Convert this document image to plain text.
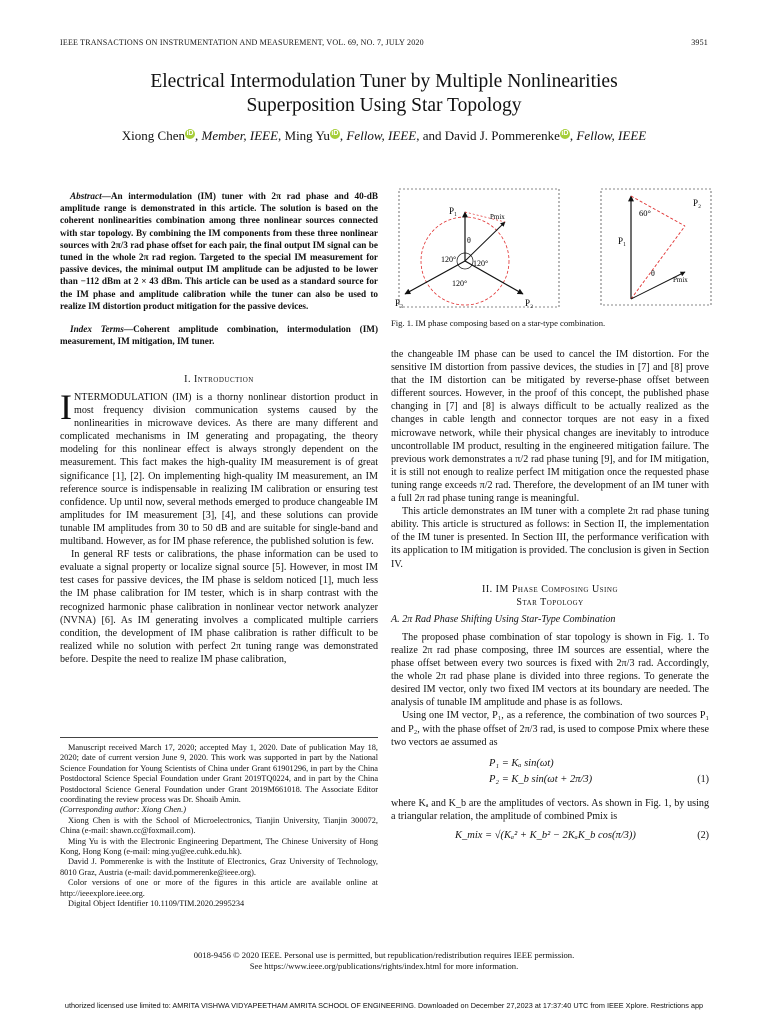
IEEE TRANSACTIONS ON INSTRUMENTATION AND MEASUREMENT, VOL. 69, NO. 7, JULY 2020	3951
Electrical Intermodulation Tuner by Multiple Nonlinearities
Superposition Using Star Topology
Xiong Chen iD , Member, IEEE, Ming Yu iD , Fellow, IEEE, and David J. Pommerenke iD , Fellow, IEEE
Abstract—An intermodulation (IM) tuner with 2π rad phase and 40-dB amplitude range is demonstrated in this article. The solution is based on the coherent nonlinearities combination among three nonlinear sources connected with star topology. By combining the IM components from these three nonlinear sources with 2π/3 rad phase offset for each pair, the final output IM signal can be tuned in the whole 2π rad region. Targeted to the special IM measurement for passive devices, the minimal output IM amplitude can be adjusted to be lower than −112 dBm at 2 × 43 dBm. This article can be used as a standard source for the IM phase and amplitude calibration while the tuner can also be used to realize IM distortion product mitigation for the passive devices.
Index Terms—Coherent amplitude combination, intermodulation (IM) measurement, IM mitigation, IM tuner.
I. Introduction

INTERMODULATION (IM) is a thorny nonlinear distortion product in most frequency division communication systems caused by the nonlinearities in microwave devices. As there are many different and complicated mechanisms in IM generating and propagating, the theory modeling for this nonlinear effect is always strongly dependent on the measurement. This fact makes the high-quality IM measurement is of great significance [1], [2]. On implementing high-quality IM measurement, an IM reference source is indispensable in realizing IM calibration or ensuring test confidence. Up until now, several methods emerged to produce changeable IM amplitudes for IM measurement [3], [4], and these solutions can provide tunable IM amplitudes from 30 to 50 dB and are suitable for single-band and multiband. However, as for IM phase reference, the published solution is few.

In general RF tests or calibrations, the phase information can be used to evaluate a signal property or localize signal source [5]. However, in most IM test cases for passive devices, the IM phase is seldom noticed [1], much less the IM phase calibration for IM tester, which is in sharp contrast with the recognized harmonic phase calibration in nonlinear vector network analyzer (NVNA) [6]. As IM generating involves a complicated multiple carriers condition, the development of IM phase calibration is rather difficult to be realized while no solution with perfect 2π tuning range was demonstrated before. Despite the need to realize IM phase calibration,

Manuscript received March 17, 2020; accepted May 1, 2020. Date of publication May 18, 2020; date of current version June 9, 2020. This work was supported in part by the National Science Foundation for Young Scientists of China under Grant 61901296, in part by the China Postdoctoral Science Special Foundation under Grant 2019TQ0224, and in part by the China Postdoctoral Science General Foundation under Grant 2019M661018. The Associate Editor coordinating the review process was Dr. Shoaib Amin.

(Corresponding author: Xiong Chen.)

Xiong Chen is with the School of Microelectronics, Tianjin University, Tianjin 300072, China (e-mail: shawn.cc@foxmail.com).

Ming Yu is with the Electronic Engineering Department, The Chinese University of Hong Kong, Hong Kong (e-mail: ming.yu@ee.cuhk.edu.hk).

David J. Pommerenke is with the Institute of Electronics, Graz University of Technology, 8010 Graz, Austria (e-mail: david.pommerenke@ieee.org).

Color versions of one or more of the figures in this article are available online at http://ieeexplore.ieee.org.

Digital Object Identifier 10.1109/TIM.2020.2995234

P₁
Pmix
θ
120° 120°
120°
P₃	P₂
60°
P₂
P₁
θ
Pmix
Fig. 1. IM phase composing based on a star-type combination.

the changeable IM phase can be used to cancel the IM distortion. For the sensitive IM distortion from passive devices, the studies in [7] and [8] prove that the IM distortion can be mitigated by reverse-phase offset between different sources. However, in the proof of this concept, the published phase changing in [7] and [8] is always difficult to be actually realized as the changes in cable length and connector torques are not easy in a fixed microwave network, while their physical changes are inevitably to introduce uncontrollable IM product, resulting in the engineered mitigation failure. The previous work demonstrates a π/2 rad phase tuning [9], and for IM mitigation, it is still not enough to realize perfect IM mitigation once the requested phase tuning range exceeds π/2 rad. Therefore, the development of an IM tuner with a full 2π rad phase tuning range is meaningful.

This article demonstrates an IM tuner with a complete 2π rad phase tuning ability. This article is structured as follows: in Section II, the implementation of the IM tuner is presented. In Section III, the performance verification with its application to IM mitigation is provided. The conclusion is given in Section IV.

II. IM Phase Composing Using
Star Topology
A. 2π Rad Phase Shifting Using Star-Type Combination

The proposed phase combination of star topology is shown in Fig. 1. To realize 2π rad phase composing, three IM sources are essential, where the phase offset between every two sources is fixed with 2π/3 rad. Accordingly, the whole 2π rad phase plane is divided into three regions. To generate the desired IM vector, only two fixed IM vectors at its boundary are needed. The analysis of tunable IM amplitude and phase is as follows.

Using one IM vector, P₁, as a reference, the combination of two sources P₁ and P₂, with the phase offset of 2π/3 rad, is used to compose Pmix where these two vectors ae assumed as

P₁ = Kₐ sin(ωt)
P₂ = K_b sin(ωt + 2π/3)	(1)

where Kₐ and K_b are the amplitudes of vectors. As shown in Fig. 1, by using a triangular relation, the amplitude of combined Pmix is

K_mix = √(Kₐ² + K_b² − 2KₐK_b cos(π/3))	(2)
0018-9456 © 2020 IEEE. Personal use is permitted, but republication/redistribution requires IEEE permission.
See https://www.ieee.org/publications/rights/index.html for more information.
uthorized licensed use limited to: AMRITA VISHWA VIDYAPEETHAM AMRITA SCHOOL OF ENGINEERING. Downloaded on December 27,2023 at 17:37:40 UTC from IEEE Xplore. Restrictions app
